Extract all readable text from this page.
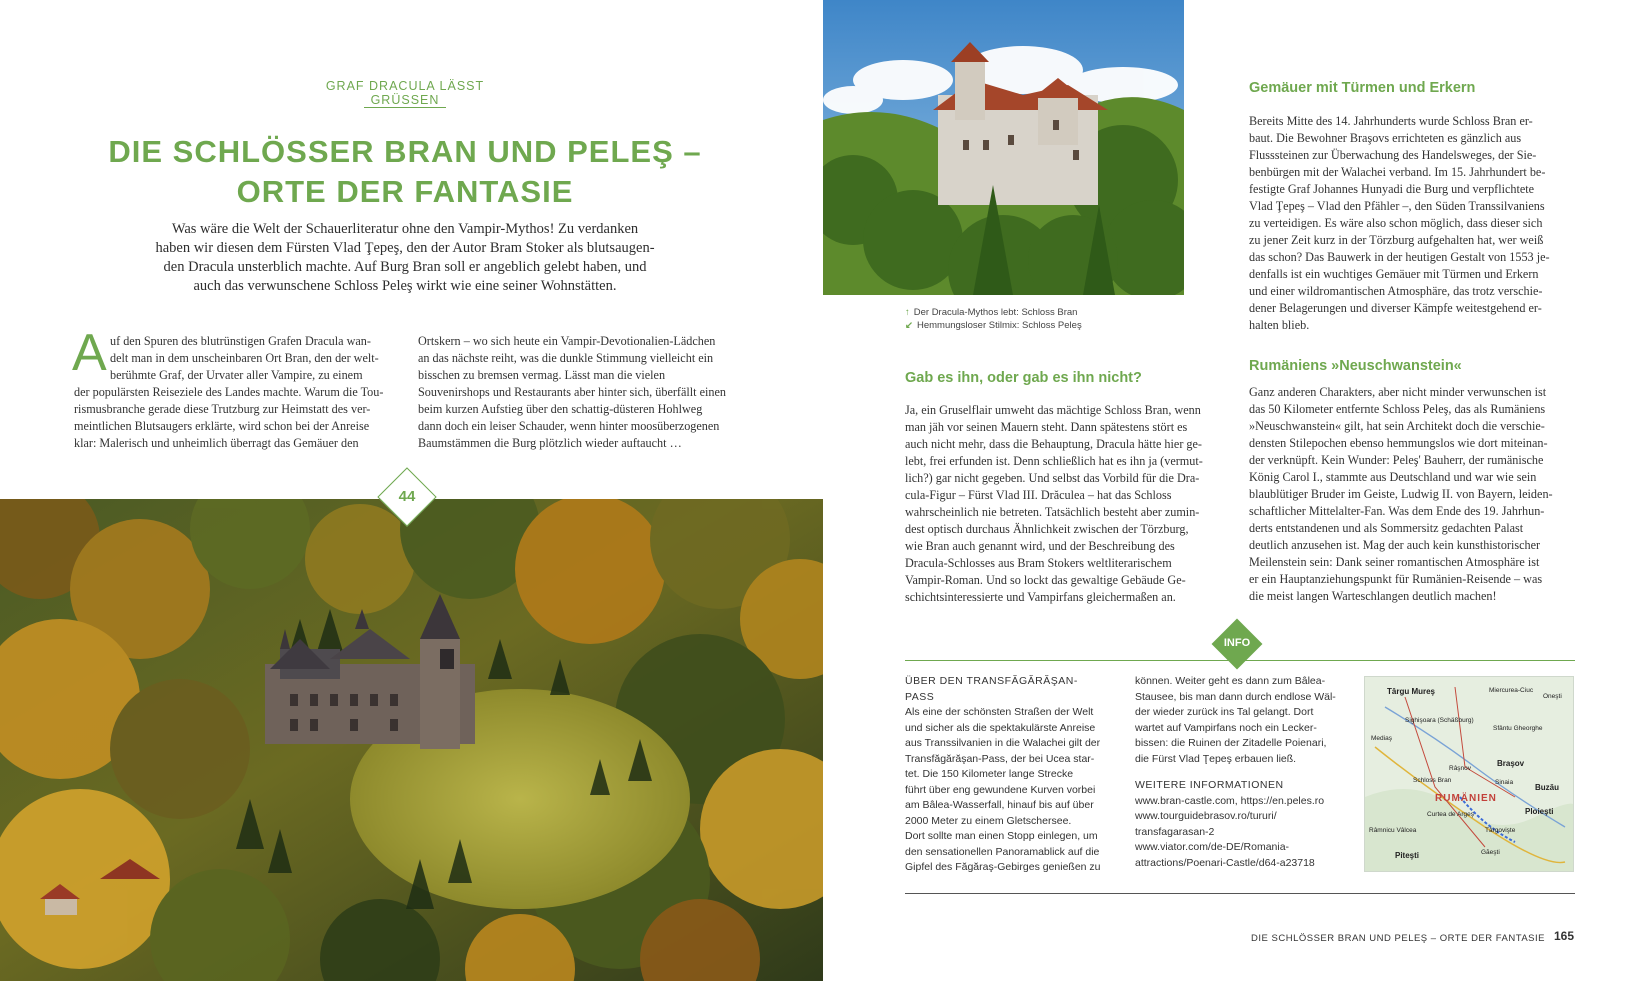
GRAF DRACULA LÄSST GRÜSSEN
DIE SCHLÖSSER BRAN UND PELEŞ –
ORTE DER FANTASIE
Was wäre die Welt der Schauerliteratur ohne den Vampir-Mythos! Zu verdanken
haben wir diesen dem Fürsten Vlad Ţepeş, den der Autor Bram Stoker als blutsaugen-
den Dracula unsterblich machte. Auf Burg Bran soll er angeblich gelebt haben, und
auch das verwunschene Schloss Peleş wirkt wie eine seiner Wohnstätten.
A uf den Spuren des blutrünstigen Grafen Dracula wan-
delt man in dem unscheinbaren Ort Bran, den der welt-
berühmte Graf, der Urvater aller Vampire, zu einem
der populärsten Reiseziele des Landes machte. Warum die Tou-
rismusbranche gerade diese Trutzburg zur Heimstatt des ver-
meintlichen Blutsaugers erklärte, wird schon bei der Anreise
klar: Malerisch und unheimlich überragt das Gemäuer den
Ortskern – wo sich heute ein Vampir-Devotionalien-Lädchen
an das nächste reiht, was die dunkle Stimmung vielleicht ein
bisschen zu bremsen vermag. Lässt man die vielen
Souvenirshops und Restaurants aber hinter sich, überfällt einen
beim kurzen Aufstieg über den schattig-düsteren Hohlweg
dann doch ein leiser Schauder, wenn hinter moosüberzogenen
Baumstämmen die Burg plötzlich wieder auftaucht …
44
↑ Der Dracula-Mythos lebt: Schloss Bran
↙ Hemmungsloser Stilmix: Schloss Peleş
Gab es ihn, oder gab es ihn nicht?
Ja, ein Gruselflair umweht das mächtige Schloss Bran, wenn
man jäh vor seinen Mauern steht. Dann spätestens stört es
auch nicht mehr, dass die Behauptung, Dracula hätte hier ge-
lebt, frei erfunden ist. Denn schließlich hat es ihn ja (vermut-
lich?) gar nicht gegeben. Und selbst das Vorbild für die Dra-
cula-Figur – Fürst Vlad III. Drăculea – hat das Schloss
wahrscheinlich nie betreten. Tatsächlich besteht aber zumin-
dest optisch durchaus Ähnlichkeit zwischen der Törzburg,
wie Bran auch genannt wird, und der Beschreibung des
Dracula-Schlosses aus Bram Stokers weltliterarischem
Vampir-Roman. Und so lockt das gewaltige Gebäude Ge-
schichtsinteressierte und Vampirfans gleichermaßen an.
Gemäuer mit Türmen und Erkern
Bereits Mitte des 14. Jahrhunderts wurde Schloss Bran er-
baut. Die Bewohner Braşovs errichteten es gänzlich aus
Flusssteinen zur Überwachung des Handelsweges, der Sie-
benbürgen mit der Walachei verband. Im 15. Jahrhundert be-
festigte Graf Johannes Hunyadi die Burg und verpflichtete
Vlad Ţepeş – Vlad den Pfähler –, den Süden Transsilvaniens
zu verteidigen. Es wäre also schon möglich, dass dieser sich
zu jener Zeit kurz in der Törzburg aufgehalten hat, wer weiß
das schon? Das Bauwerk in der heutigen Gestalt von 1553 je-
denfalls ist ein wuchtiges Gemäuer mit Türmen und Erkern
und einer wildromantischen Atmosphäre, das trotz verschie-
dener Belagerungen und diverser Kämpfe weitestgehend er-
halten blieb.
Rumäniens »Neuschwanstein«
Ganz anderen Charakters, aber nicht minder verwunschen ist
das 50 Kilometer entfernte Schloss Peleş, das als Rumäniens
»Neuschwanstein« gilt, hat sein Architekt doch die verschie-
densten Stilepochen ebenso hemmungslos wie dort miteinan-
der verknüpft. Kein Wunder: Peleş' Bauherr, der rumänische
König Carol I., stammte aus Deutschland und war wie sein
blaublütiger Bruder im Geiste, Ludwig II. von Bayern, leiden-
schaftlicher Mittelalter-Fan. Was dem Ende des 19. Jahrhun-
derts entstandenen und als Sommersitz gedachten Palast
deutlich anzusehen ist. Mag der auch kein kunsthistorischer
Meilenstein sein: Dank seiner romantischen Atmosphäre ist
er ein Hauptanziehungspunkt für Rumänien-Reisende – was
die meist langen Warteschlangen deutlich machen!
INFO
ÜBER DEN TRANSFĂGĂRĂŞAN-
PASS
Als eine der schönsten Straßen der Welt
und sicher als die spektakulärste Anreise
aus Transsilvanien in die Walachei gilt der
Transfăgărăşan-Pass, der bei Ucea star-
tet. Die 150 Kilometer lange Strecke
führt über eng gewundene Kurven vorbei
am Bâlea-Wasserfall, hinauf bis auf über
2000 Meter zu einem Gletschersee.
Dort sollte man einen Stopp einlegen, um
den sensationellen Panoramablick auf die
Gipfel des Făgăraş-Gebirges genießen zu
können. Weiter geht es dann zum Bâlea-
Stausee, bis man dann durch endlose Wäl-
der wieder zurück ins Tal gelangt. Dort
wartet auf Vampirfans noch ein Lecker-
bissen: die Ruinen der Zitadelle Poienari,
die Fürst Vlad Ţepeş erbauen ließ.
WEITERE INFORMATIONEN
www.bran-castle.com, https://en.peles.ro
www.tourguidebrasov.ro/tururi/
transfagarasan-2
www.viator.com/de-DE/Romania-
attractions/Poenari-Castle/d64-a23718
Târgu Mureş	Miercurea-Ciuc
Oneşti
Sighişoara (Schäßburg)
Sfântu Gheorghe
Mediaş
Braşov
Râşnov
Schloss Bran	Sinaia
Buzău
Ploieşti
Curtea de Argeş
Târgovişte
Râmnicu Vâlcea
Piteşti	Găeşti
RUMÄNIEN
DIE SCHLÖSSER BRAN UND PELEŞ – ORTE DER FANTASIE 165
